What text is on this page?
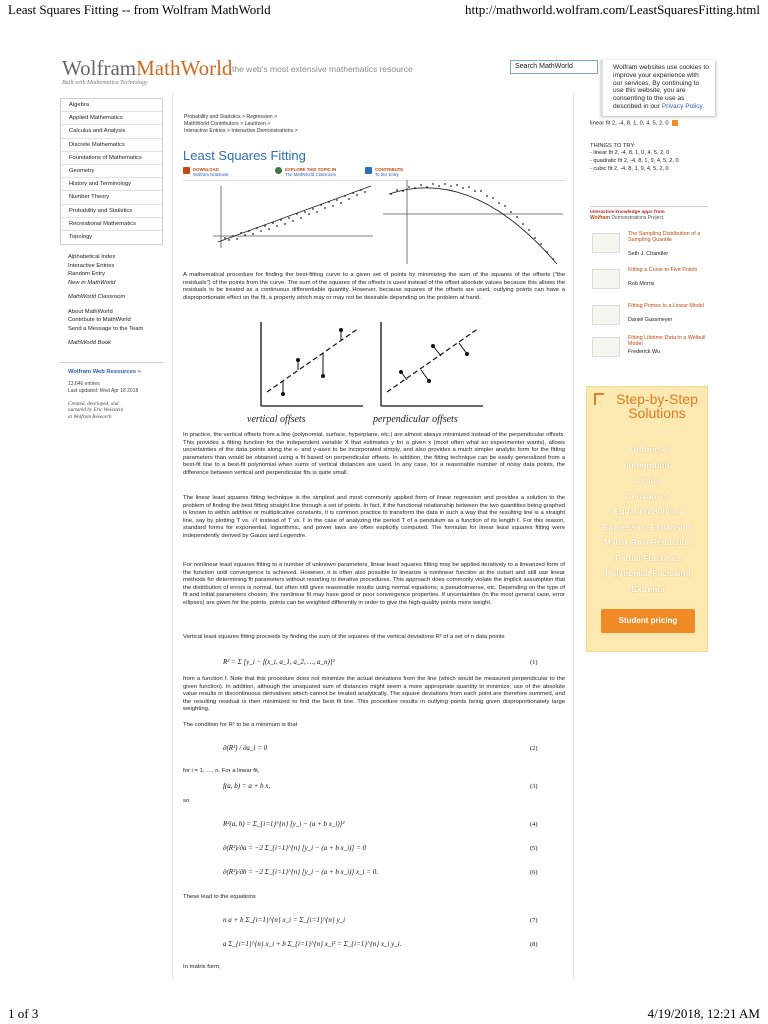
Least Squares Fitting -- from Wolfram MathWorld	http://mathworld.wolfram.com/LeastSquaresFitting.html
1 of 3	4/19/2018, 12:21 AM
WolframMathWorld
Built with Mathematica Technology
the web's most extensive mathematics resource	Search MathWorld	Wolfram websites use cookies to improve your experience with our services. By continuing to use this website, you are consenting to the use as described in our Privacy Policy.
Algebra
Applied Mathematics
Calculus and Analysis
Discrete Mathematics
Foundations of Mathematics
Geometry
History and Terminology
Number Theory
Probability and Statistics
Recreational Mathematics
Topology
Alphabetical Index
Interactive Entries
Random Entry
New in MathWorld
MathWorld Classroom
About MathWorld
Contribute to MathWorld
Send a Message to the Team
MathWorld Book
Wolfram Web Resources »
13,646 entries
Last updated: Wed Apr 18 2018
Created, developed, and
nurtured by Eric Weisstein
at Wolfram Research
Probability and Statistics > Regression >
MathWorld Contributors > Lauritzen >
Interactive Entries > Interactive Demonstrations >
Least Squares Fitting
DOWNLOAD
Wolfram Notebook
EXPLORE THIS TOPIC IN
The MathWorld Classroom
CONTRIBUTE
To this Entry
A mathematical procedure for finding the best-fitting curve to a given set of points by minimizing the sum of the squares of the offsets ("the residuals") of the points from the curve. The sum of the squares of the offsets is used instead of the offset absolute values because this allows the residuals to be treated as a continuous differentiable quantity. However, because squares of the offsets are used, outlying points can have a disproportionate effect on the fit, a property which may or may not be desirable depending on the problem at hand.
vertical offsets	perpendicular offsets
In practice, the vertical offsets from a line (polynomial, surface, hyperplane, etc.) are almost always minimized instead of the perpendicular offsets. This provides a fitting function for the independent variable X that estimates y for a given x (most often what an experimenter wants), allows uncertainties of the data points along the x- and y-axes to be incorporated simply, and also provides a much simpler analytic form for the fitting parameters than would be obtained using a fit based on perpendicular offsets. In addition, the fitting technique can be easily generalized from a best-fit line to a best-fit polynomial when sums of vertical distances are used. In any case, for a reasonable number of noisy data points, the difference between vertical and perpendicular fits is quite small.
The linear least squares fitting technique is the simplest and most commonly applied form of linear regression and provides a solution to the problem of finding the best fitting straight line through a set of points. In fact, if the functional relationship between the two quantities being graphed is known to within additive or multiplicative constants, it is common practice to transform the data in such a way that the resulting line is a straight line, say by plotting T vs. √ℓ instead of T vs. ℓ in the case of analyzing the period T of a pendulum as a function of its length ℓ. For this reason, standard forms for exponential, logarithmic, and power laws are often explicitly computed. The formulas for linear least squares fitting were independently derived by Gauss and Legendre.
For nonlinear least squares fitting to a number of unknown parameters, linear least squares fitting may be applied iteratively to a linearized form of the function until convergence is achieved. However, it is often also possible to linearize a nonlinear function at the outset and still use linear methods for determining fit parameters without resorting to iterative procedures. This approach does commonly violate the implicit assumption that the distribution of errors is normal, but often still gives reasonable results using normal equations, a pseudoinverse, etc. Depending on the type of fit and initial parameters chosen, the nonlinear fit may have good or poor convergence properties. If uncertainties (in the most general case, error ellipses) are given for the points, points can be weighted differently in order to give the high-quality points more weight.
Vertical least squares fitting proceeds by finding the sum of the squares of the vertical deviations R² of a set of n data points
R² = Σ [y_i − f(x_i, a_1, a_2, …, a_n)]²	(1)
from a function f. Note that this procedure does not minimize the actual deviations from the line (which would be measured perpendicular to the given function). In addition, although the unsquared sum of distances might seem a more appropriate quantity to minimize, use of the absolute value results in discontinuous derivatives which cannot be treated analytically. The square deviations from each point are therefore summed, and the resulting residual is then minimized to find the best fit line. This procedure results in outlying points being given disproportionately large weighting.
The condition for R² to be a minimum is that
∂(R²) / ∂a_i = 0	(2)
for i = 1, …, n. For a linear fit,
f(a, b) = a + b x,	(3)
so
R²(a, b) = Σ_{i=1}^{n} [y_i − (a + b x_i)]²	(4)
∂(R²)/∂a = −2 Σ_{i=1}^{n} [y_i − (a + b x_i)] = 0	(5)
∂(R²)/∂b = −2 Σ_{i=1}^{n} [y_i − (a + b x_i)] x_i = 0.	(6)
These lead to the equations
n a + b Σ_{i=1}^{n} x_i = Σ_{i=1}^{n} y_i	(7)
a Σ_{i=1}^{n} x_i + b Σ_{i=1}^{n} x_i² = Σ_{i=1}^{n} x_i y_i.	(8)
In matrix form,
linear fit 2, -4, 8, 1, 0, 4, 5, 2, 0
THINGS TO TRY:
- linear fit 2, -4, 8, 1, 0, 4, 5, 2, 0
- quadratic fit 2, -4, 8, 1, 9, 4, 5, 2, 0
- cubic fit 2, -4, 8, 1, 9, 4, 5, 2, 0
Interactive knowledge apps from
Wolfram Demonstrations Project
The Sampling Distribution of a Sampling Quantile
Seth J. Chandler
Fitting a Curve to Five Points
Rob Morris
Fitting Primes to a Linear Model
Daniel Gassmeyer
Fitting Lifetime Data to a Weibull Model
Frederick Wu
Step-by-Step Solutions
Arithmetic
Integration
Limits
Derivatives
Equation Solving
Expression Expansion
Matrix Row Reduction
Partial Fractions
Polynomial Factoring
Extrema
Student pricing
